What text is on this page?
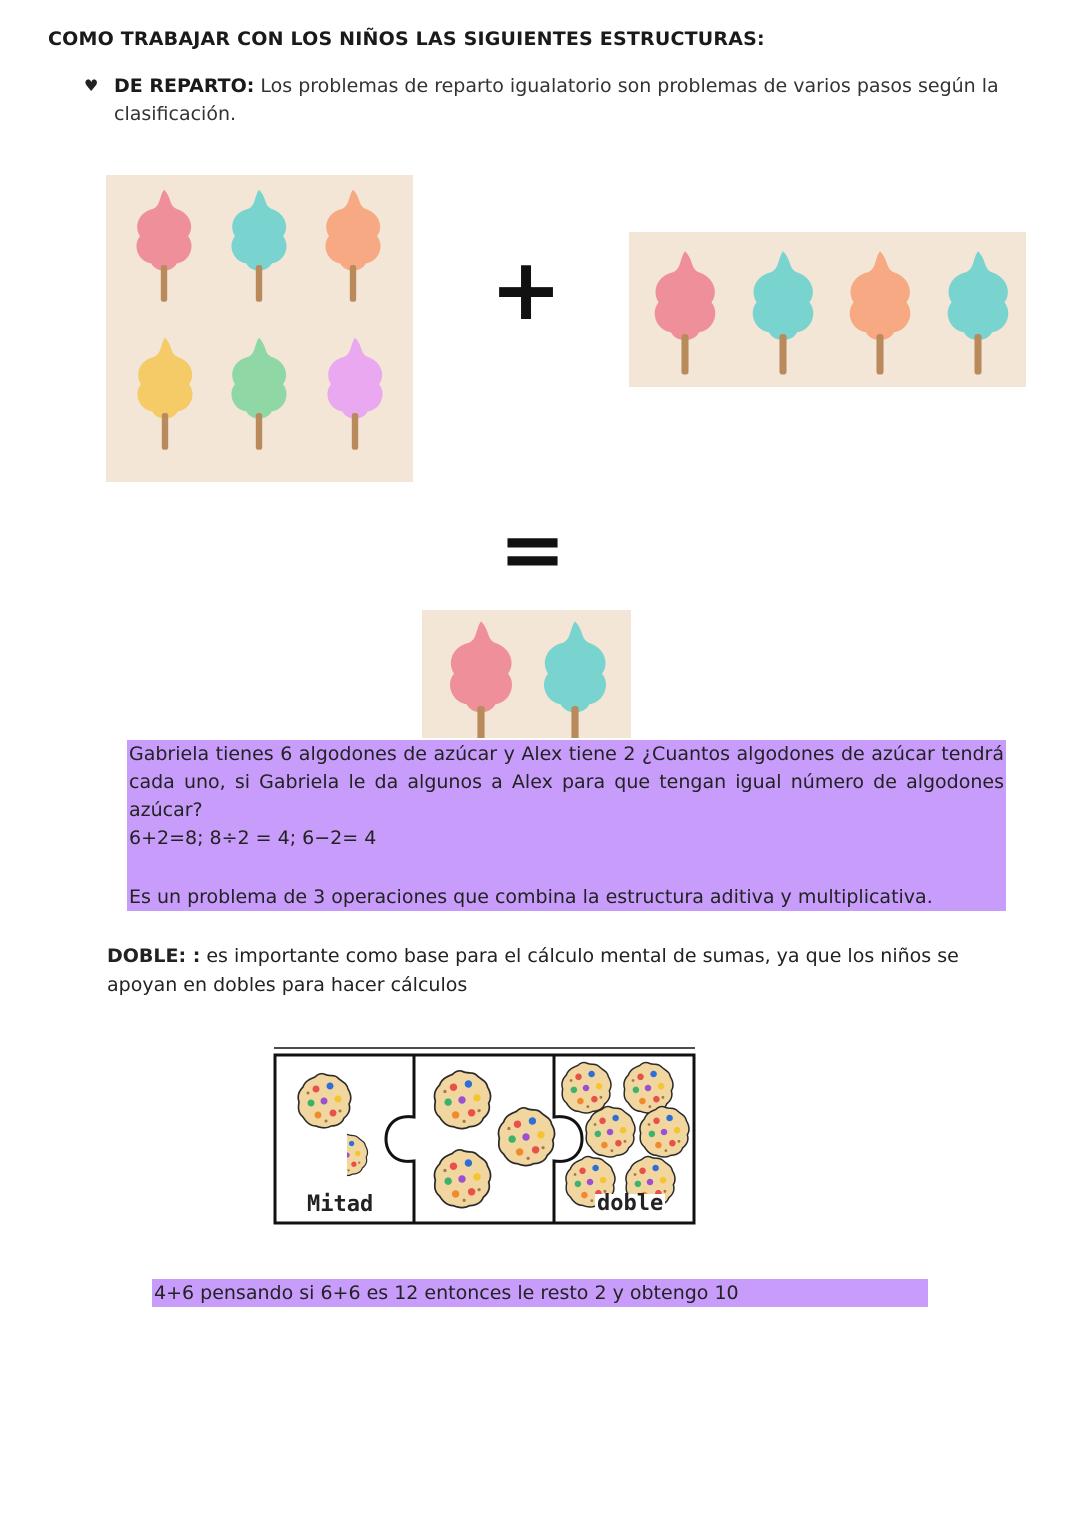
COMO TRABAJAR CON LOS NIÑOS LAS SIGUIENTES ESTRUCTURAS:
♥ DE REPARTO: Los problemas de reparto igualatorio son problemas de varios pasos según la clasificación.
+
=
Gabriela tienes 6 algodones de azúcar y Alex tiene 2 ¿Cuantos algodones de azúcar tendrá cada uno, si Gabriela le da algunos a Alex para que tengan igual número de algodones azúcar?
6+2=8; 8÷2 = 4; 6−2= 4
Es un problema de 3 operaciones que combina la estructura aditiva y multiplicativa.
DOBLE: : es importante como base para el cálculo mental de sumas, ya que los niños se apoyan en dobles para hacer cálculos
Mitad	doble
4+6 pensando si 6+6 es 12 entonces le resto 2 y obtengo 10
